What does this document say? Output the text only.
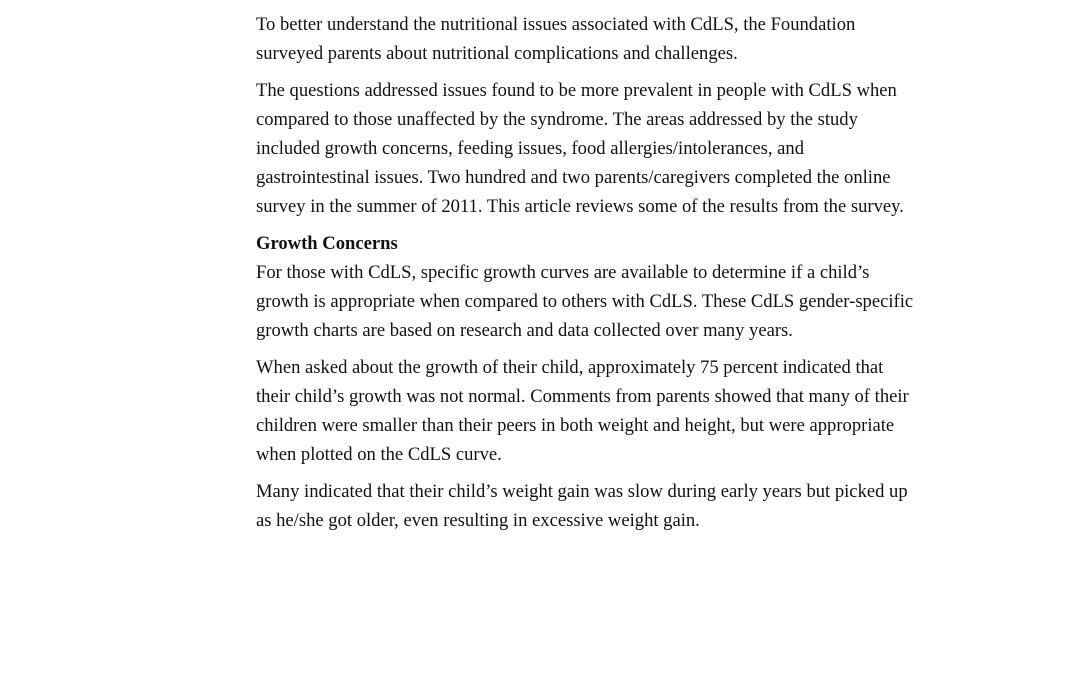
To better understand the nutritional issues associated with CdLS, the Foundation surveyed parents about nutritional complications and challenges.

The questions addressed issues found to be more prevalent in people with CdLS when compared to those unaffected by the syndrome. The areas addressed by the study included growth concerns, feeding issues, food allergies/intolerances, and gastrointestinal issues. Two hundred and two parents/caregivers completed the online survey in the summer of 2011. This article reviews some of the results from the survey.

Growth Concerns

For those with CdLS, specific growth curves are available to determine if a child’s growth is appropriate when compared to others with CdLS. These CdLS gender-specific growth charts are based on research and data collected over many years.

When asked about the growth of their child, approximately 75 percent indicated that their child’s growth was not normal. Comments from parents showed that many of their children were smaller than their peers in both weight and height, but were appropriate when plotted on the CdLS curve.

Many indicated that their child’s weight gain was slow during early years but picked up as he/she got older, even resulting in excessive weight gain.
